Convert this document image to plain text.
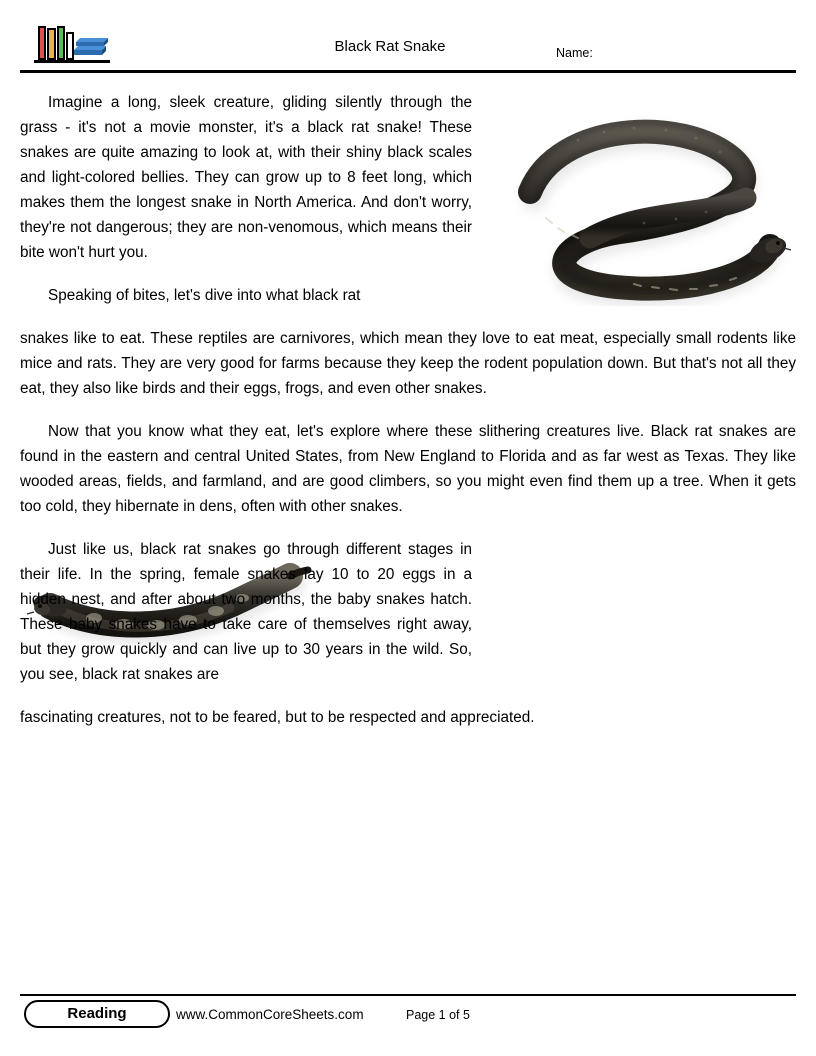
Black Rat Snake	Name:

Imagine a long, sleek creature, gliding silently through the grass - it's not a movie monster, it's a black rat snake! These snakes are quite amazing to look at, with their shiny black scales and light-colored bellies. They can grow up to 8 feet long, which makes them the longest snake in North America. And don't worry, they're not dangerous; they are non-venomous, which means their bite won't hurt you.

Speaking of bites, let's dive into what black rat

snakes like to eat. These reptiles are carnivores, which mean they love to eat meat, especially small rodents like mice and rats. They are very good for farms because they keep the rodent population down. But that's not all they eat, they also like birds and their eggs, frogs, and even other snakes.

Now that you know what they eat, let's explore where these slithering creatures live. Black rat snakes are found in the eastern and central United States, from New England to Florida and as far west as Texas. They like wooded areas, fields, and farmland, and are good climbers, so you might even find them up a tree. When it gets too cold, they hibernate in dens, often with other snakes.

Just like us, black rat snakes go through different stages in their life. In the spring, female snakes lay 10 to 20 eggs in a hidden nest, and after about two months, the baby snakes hatch. These baby snakes have to take care of themselves right away, but they grow quickly and can live up to 30 years in the wild. So, you see, black rat snakes are

fascinating creatures, not to be feared, but to be respected and appreciated.

Reading	www.CommonCoreSheets.com	Page 1 of 5
